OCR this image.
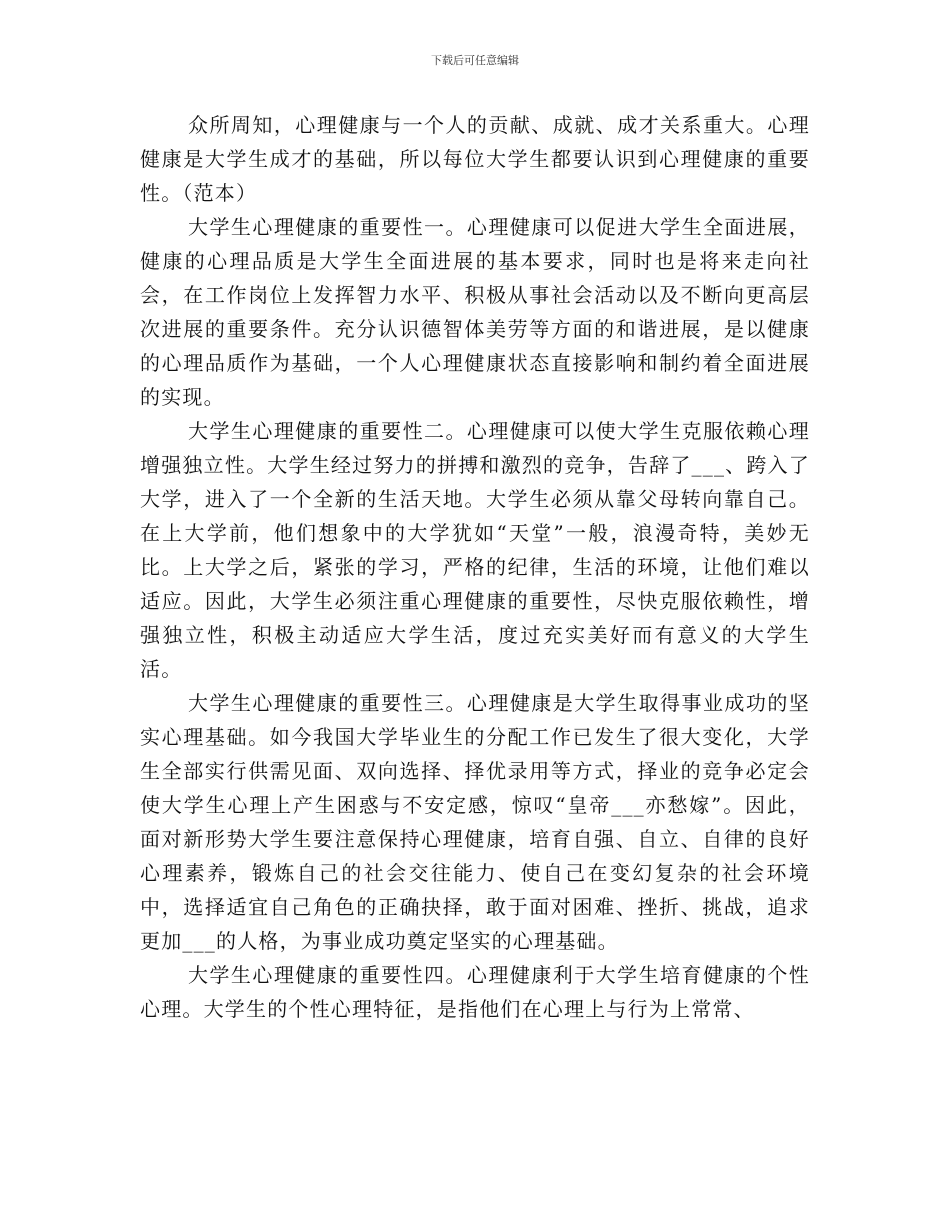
下载后可任意编辑

众所周知，心理健康与一个人的贡献、成就、成才关系重大。心理健康是大学生成才的基础，所以每位大学生都要认识到心理健康的重要性。（范本）

大学生心理健康的重要性一。心理健康可以促进大学生全面进展，健康的心理品质是大学生全面进展的基本要求，同时也是将来走向社会，在工作岗位上发挥智力水平、积极从事社会活动以及不断向更高层次进展的重要条件。充分认识德智体美劳等方面的和谐进展，是以健康的心理品质作为基础，一个人心理健康状态直接影响和制约着全面进展的实现。

大学生心理健康的重要性二。心理健康可以使大学生克服依赖心理增强独立性。大学生经过努力的拼搏和激烈的竞争，告辞了___、跨入了大学，进入了一个全新的生活天地。大学生必须从靠父母转向靠自己。在上大学前，他们想象中的大学犹如“天堂”一般，浪漫奇特，美妙无比。上大学之后，紧张的学习，严格的纪律，生活的环境，让他们难以适应。因此，大学生必须注重心理健康的重要性，尽快克服依赖性，增强独立性，积极主动适应大学生活，度过充实美好而有意义的大学生活。

大学生心理健康的重要性三。心理健康是大学生取得事业成功的坚实心理基础。如今我国大学毕业生的分配工作已发生了很大变化，大学生全部实行供需见面、双向选择、择优录用等方式，择业的竞争必定会使大学生心理上产生困惑与不安定感，惊叹“皇帝___亦愁嫁”。因此，面对新形势大学生要注意保持心理健康，培育自强、自立、自律的良好心理素养，锻炼自己的社会交往能力、使自己在变幻复杂的社会环境中，选择适宜自己角色的正确抉择，敢于面对困难、挫折、挑战，追求更加___的人格，为事业成功奠定坚实的心理基础。

大学生心理健康的重要性四。心理健康利于大学生培育健康的个性心理。大学生的个性心理特征，是指他们在心理上与行为上常常、
